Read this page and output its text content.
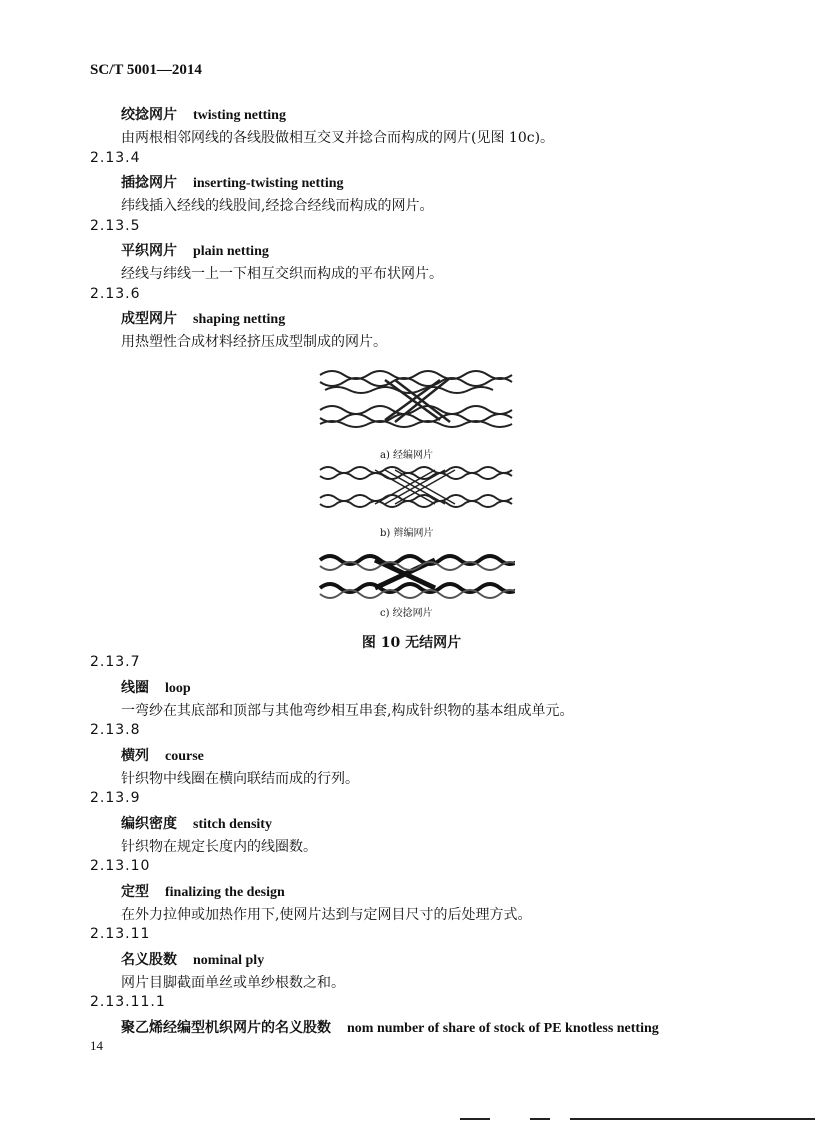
SC/T 5001—2014
绞捻网片 twisting netting
由两根相邻网线的各线股做相互交叉并捻合而构成的网片(见图 10c)。
2.13.4
插捻网片 inserting-twisting netting
纬线插入经线的线股间,经捻合经线而构成的网片。
2.13.5
平织网片 plain netting
经线与纬线一上一下相互交织而构成的平布状网片。
2.13.6
成型网片 shaping netting
用热塑性合成材料经挤压成型制成的网片。
a) 经编网片
b) 辫编网片
c) 绞捻网片
图 10 无结网片
2.13.7
线圈 loop
一弯纱在其底部和顶部与其他弯纱相互串套,构成针织物的基本组成单元。
2.13.8
横列 course
针织物中线圈在横向联结而成的行列。
2.13.9
编织密度 stitch density
针织物在规定长度内的线圈数。
2.13.10
定型 finalizing the design
在外力拉伸或加热作用下,使网片达到与定网目尺寸的后处理方式。
2.13.11
名义股数 nominal ply
网片目脚截面单丝或单纱根数之和。
2.13.11.1
聚乙烯经编型机织网片的名义股数 nom number of share of stock of PE knotless netting
14
